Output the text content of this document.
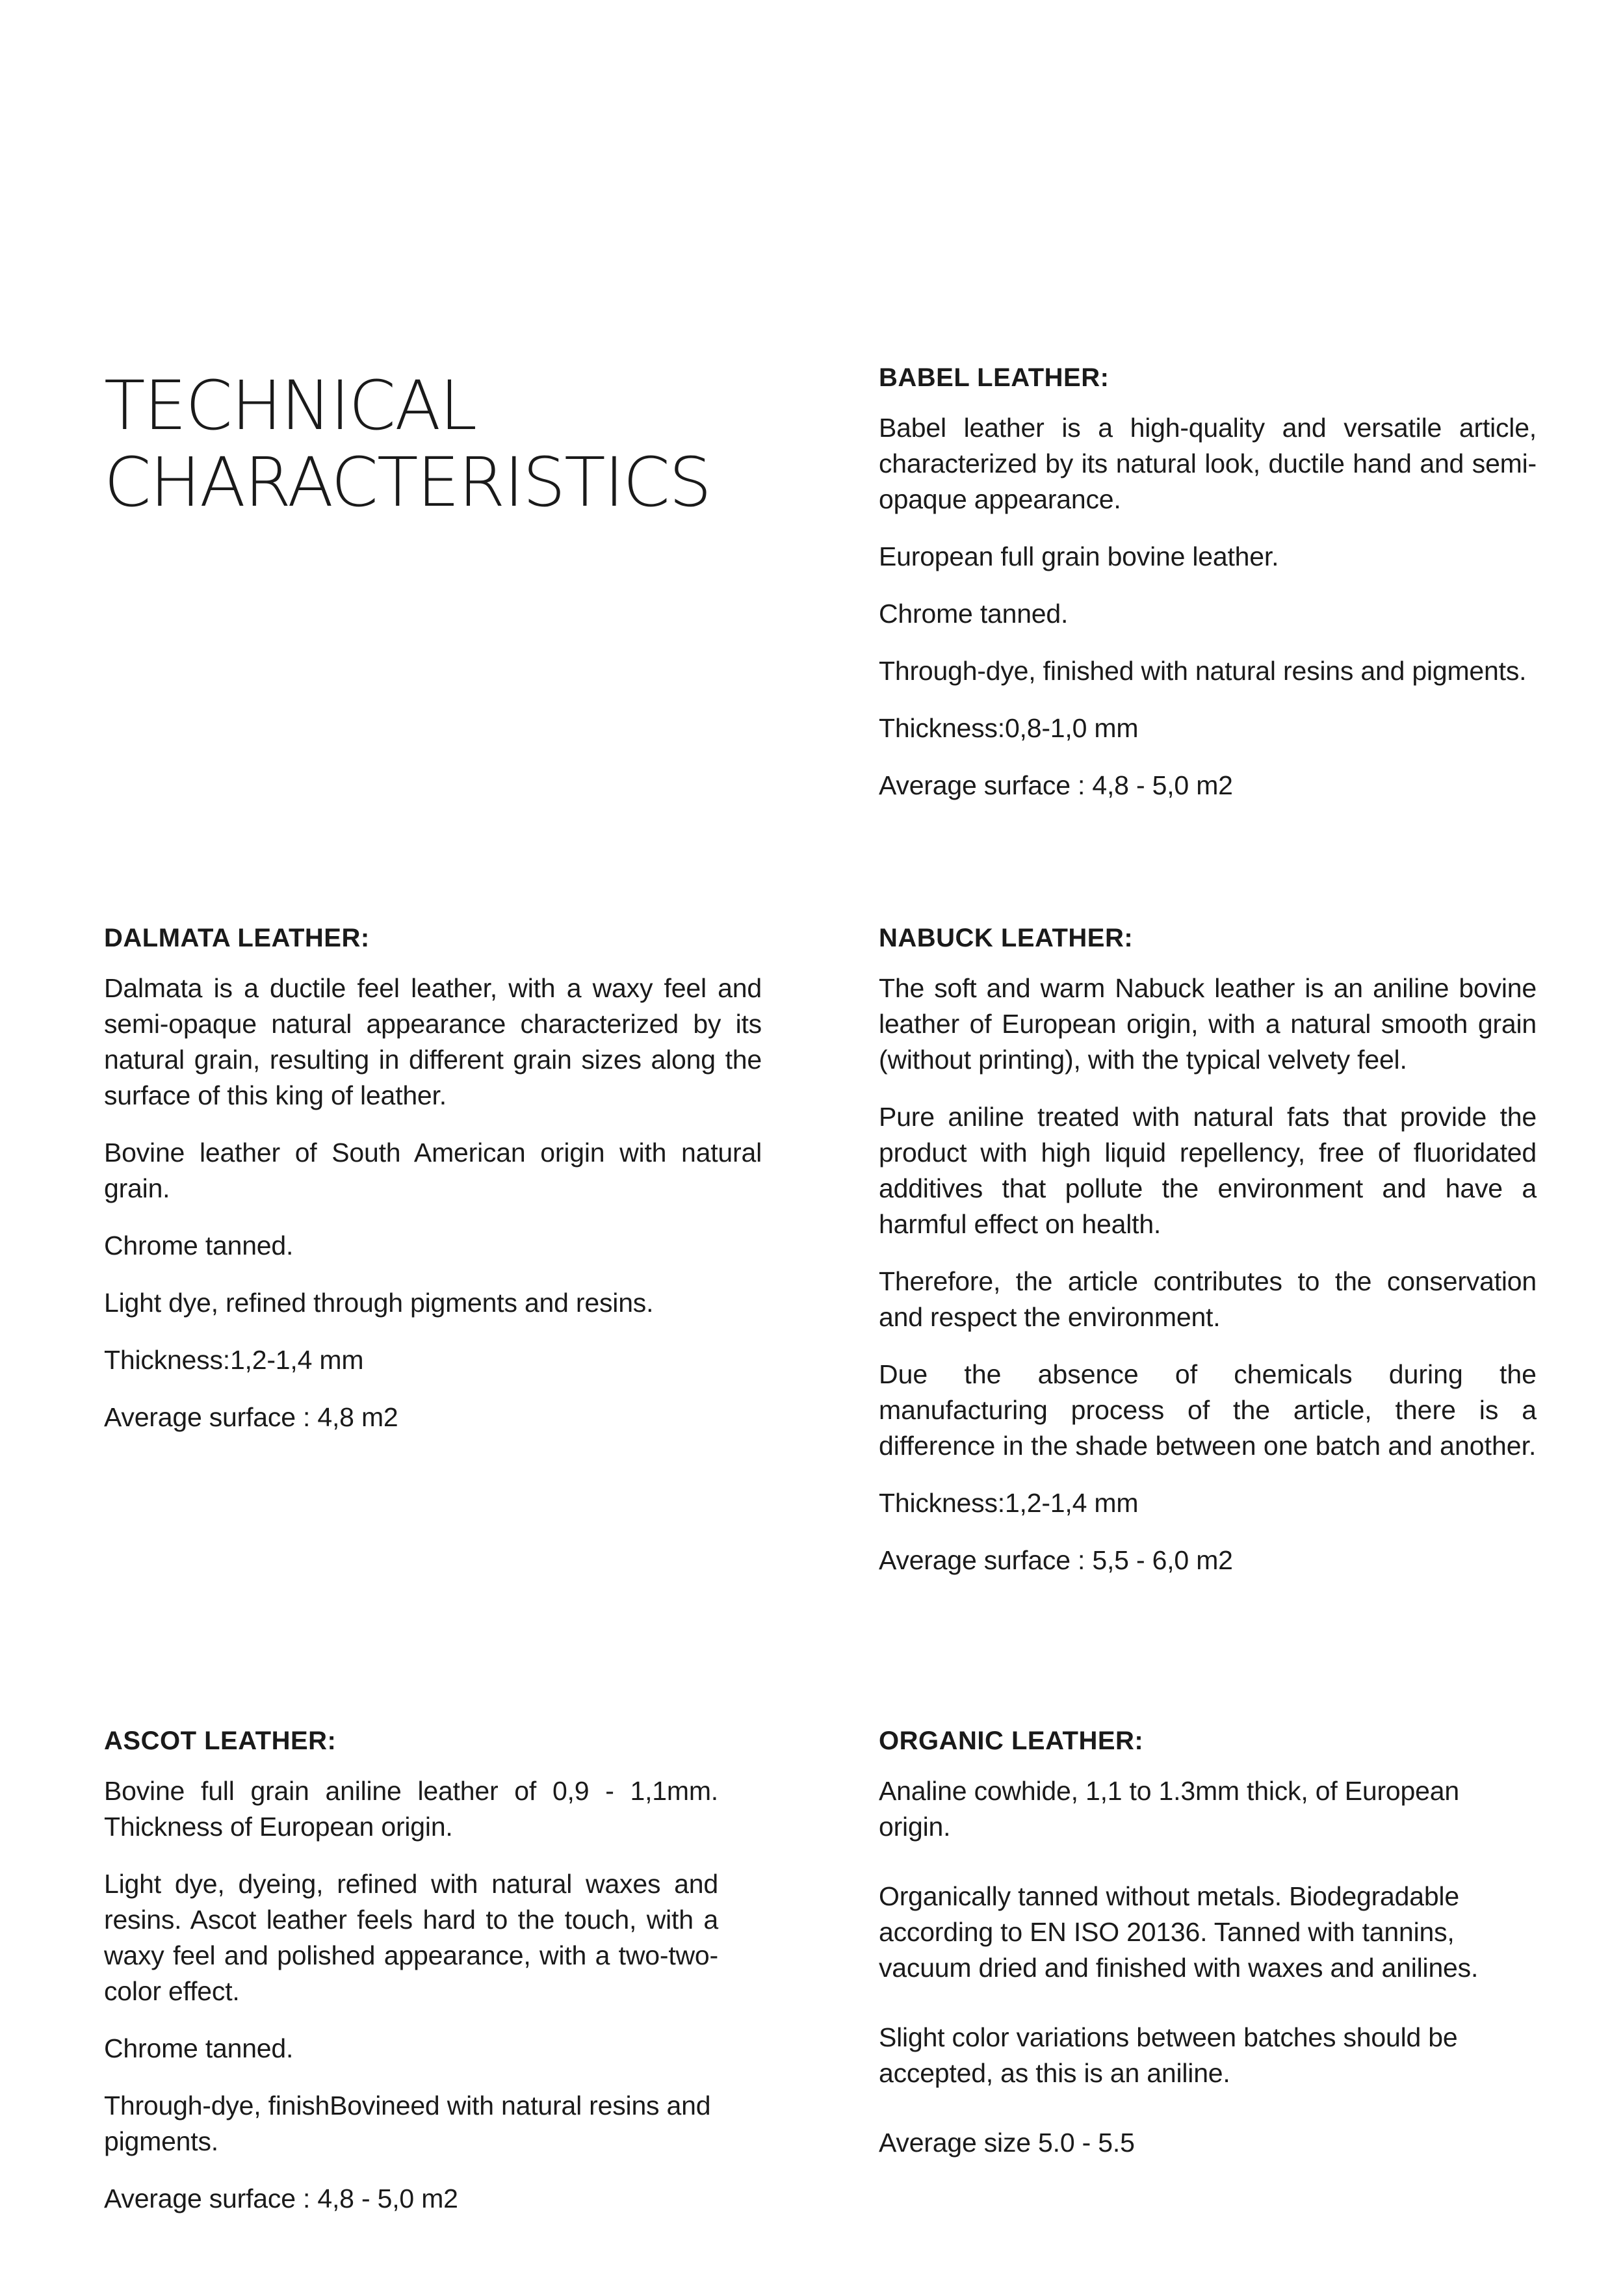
TECHNICAL
CHARACTERISTICS
BABEL LEATHER:

Babel leather is a high-quality and versatile article, characterized by its natural look, ductile hand and semi-opaque appearance.

European full grain bovine leather.

Chrome tanned.

Through-dye, finished with natural resins and pigments.

Thickness:0,8-1,0 mm

Average surface : 4,8 - 5,0 m2

DALMATA LEATHER:

Dalmata is a ductile feel leather, with a waxy feel and semi-opaque natural appearance characterized by its natural grain, resulting in different grain sizes along the surface of this king of leather.

Bovine leather of South American origin with natural grain.

Chrome tanned.

Light dye, refined through pigments and resins.

Thickness:1,2-1,4 mm

Average surface : 4,8 m2

NABUCK LEATHER:

The soft and warm Nabuck leather is an aniline bovine leather of European origin, with a natural smooth grain (without printing), with the typical velvety feel.

Pure aniline treated with natural fats that provide the product with high liquid repellency, free of fluoridated additives that pollute the environment and have a harmful effect on health.

Therefore, the article contributes to the conservation and respect the environment.

Due the absence of chemicals during the manufacturing process of the article, there is a difference in the shade between one batch and another.

Thickness:1,2-1,4 mm

Average surface : 5,5 - 6,0 m2

ASCOT LEATHER:

Bovine full grain aniline leather of 0,9 - 1,1mm. Thickness of European origin.

Light dye, dyeing, refined with natural waxes and resins. Ascot leather feels hard to the touch, with a waxy feel and polished appearance, with a two-two-color effect.

Chrome tanned.

Through-dye, finishBovineed with natural resins and pigments.

Average surface : 4,8 - 5,0 m2

ORGANIC LEATHER:

Analine cowhide, 1,1 to 1.3mm thick, of European origin.

Organically tanned without metals. Biodegradable according to EN ISO 20136. Tanned with tannins, vacuum dried and finished with waxes and anilines.

Slight color variations between batches should be accepted, as this is an aniline.

Average size 5.0 - 5.5
